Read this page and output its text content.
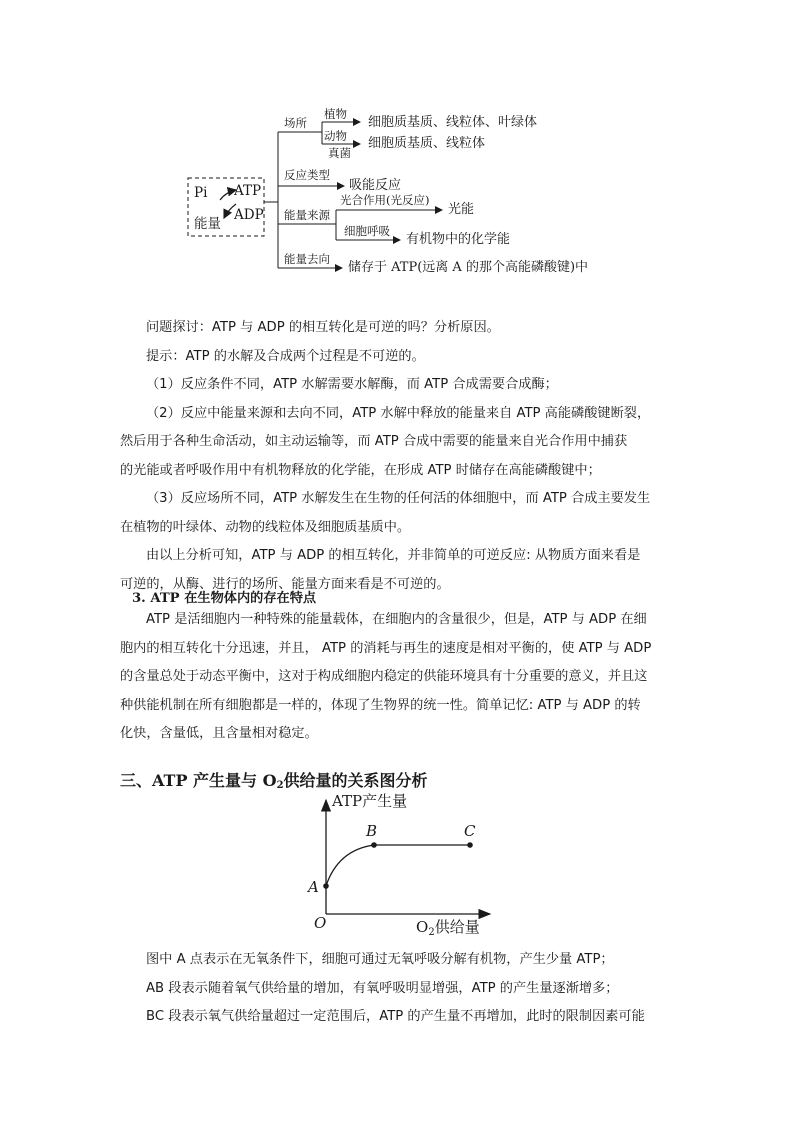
Pi ATP
ADP
能量
场所
植物
动物
真菌
细胞质基质、线粒体、叶绿体
细胞质基质、线粒体
反应类型
吸能反应
能量来源
光合作用(光反应)
光能
细胞呼吸
有机物中的化学能
能量去向
储存于 ATP(远离 A 的那个高能磷酸键)中
问题探讨：ATP 与 ADP 的相互转化是可逆的吗？分析原因。
提示：ATP 的水解及合成两个过程是不可逆的。
（1）反应条件不同，ATP 水解需要水解酶，而 ATP 合成需要合成酶；
（2）反应中能量来源和去向不同，ATP 水解中释放的能量来自 ATP 高能磷酸键断裂，
然后用于各种生命活动，如主动运输等，而 ATP 合成中需要的能量来自光合作用中捕获
的光能或者呼吸作用中有机物释放的化学能，在形成 ATP 时储存在高能磷酸键中；
（3）反应场所不同，ATP 水解发生在生物的任何活的体细胞中，而 ATP 合成主要发生
在植物的叶绿体、动物的线粒体及细胞质基质中。
由以上分析可知，ATP 与 ADP 的相互转化，并非简单的可逆反应: 从物质方面来看是
可逆的，从酶、进行的场所、能量方面来看是不可逆的。
3. ATP 在生物体内的存在特点
ATP 是活细胞内一种特殊的能量载体，在细胞内的含量很少，但是，ATP 与 ADP 在细
胞内的相互转化十分迅速，并且， ATP 的消耗与再生的速度是相对平衡的，使 ATP 与 ADP
的含量总处于动态平衡中，这对于构成细胞内稳定的供能环境具有十分重要的意义，并且这
种供能机制在所有细胞都是一样的，体现了生物界的统一性。简单记忆: ATP 与 ADP 的转
化快，含量低，且含量相对稳定。
三、ATP 产生量与 $O_2$供给量的关系图分析
ATP产生量
O
A
B	C
$O_2$供给量
图中 A 点表示在无氧条件下，细胞可通过无氧呼吸分解有机物，产生少量 ATP；
AB 段表示随着氧气供给量的增加，有氧呼吸明显增强，ATP 的产生量逐渐增多；
BC 段表示氧气供给量超过一定范围后，ATP 的产生量不再增加，此时的限制因素可能
